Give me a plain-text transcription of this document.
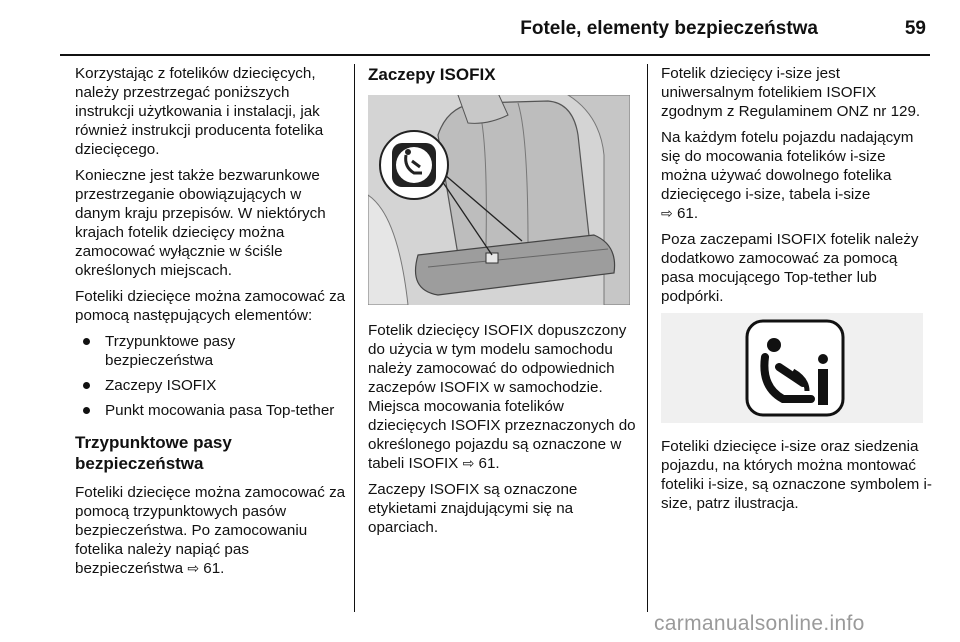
Fotele, elementy bezpieczeństwa	59

Korzystając z fotelików dziecięcych, należy przestrzegać poniższych instrukcji użytkowania i instalacji, jak również instrukcji producenta fotelika dziecięcego.

Konieczne jest także bezwarunkowe przestrzeganie obowiązujących w danym kraju przepisów. W niektórych krajach fotelik dziecięcy można zamocować wyłącznie w ściśle określonych miejscach.

Foteliki dziecięce można zamocować za pomocą następujących elementów:

Trzypunktowe pasy bezpieczeństwa
Zaczepy ISOFIX
Punkt mocowania pasa Top-tether
Trzypunktowe pasy bezpieczeństwa

Foteliki dziecięce można zamocować za pomocą trzypunktowych pasów bezpieczeństwa. Po zamocowaniu fotelika należy napiąć pas bezpieczeństwa ⇨ 61.

Zaczepy ISOFIX

Fotelik dziecięcy ISOFIX dopuszczony do użycia w tym modelu samochodu należy zamocować do odpowiednich zaczepów ISOFIX w samochodzie. Miejsca mocowania fotelików dziecięcych ISOFIX przeznaczonych do określonego pojazdu są oznaczone w tabeli ISOFIX ⇨ 61.

Zaczepy ISOFIX są oznaczone etykietami znajdującymi się na oparciach.

Fotelik dziecięcy i-size jest uniwersalnym fotelikiem ISOFIX zgodnym z Regulaminem ONZ nr 129.

Na każdym fotelu pojazdu nadającym się do mocowania fotelików i-size można używać dowolnego fotelika dziecięcego i-size, tabela i-size
⇨ 61.

Poza zaczepami ISOFIX fotelik należy dodatkowo zamocować za pomocą pasa mocującego Top-tether lub podpórki.

Foteliki dziecięce i-size oraz siedzenia pojazdu, na których można montować foteliki i-size, są oznaczone symbolem i-size, patrz ilustracja.

carmanualsonline.info
